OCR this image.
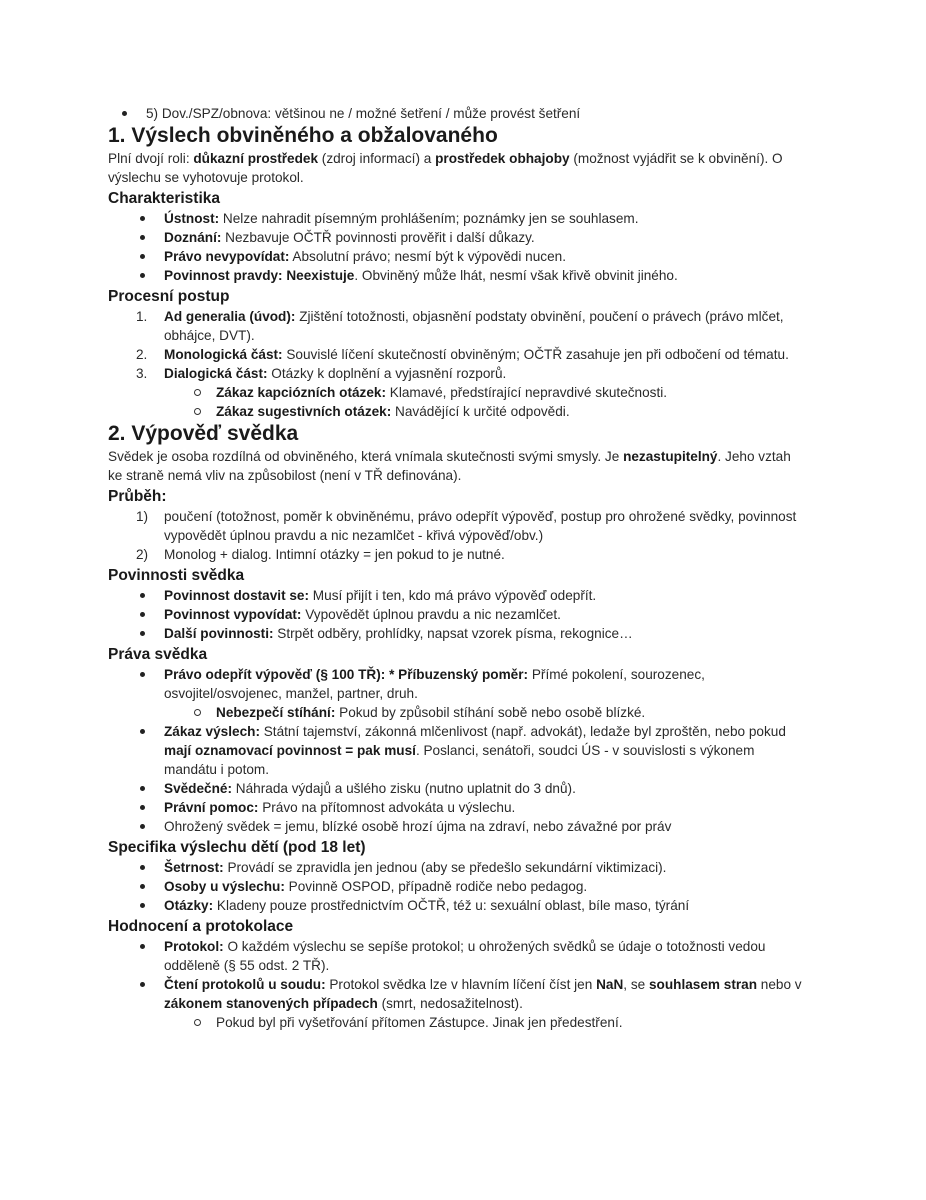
5) Dov./SPZ/obnova: většinou ne / možné šetření / může provést šetření
1. Výslech obviněného a obžalovaného

Plní dvojí roli: důkazní prostředek (zdroj informací) a prostředek obhajoby (možnost vyjádřit se k obvinění). O výslechu se vyhotovuje protokol.

Charakteristika
Ústnost: Nelze nahradit písemným prohlášením; poznámky jen se souhlasem.
Doznání: Nezbavuje OČTŘ povinnosti prověřit i další důkazy.
Právo nevypovídat: Absolutní právo; nesmí být k výpovědi nucen.
Povinnost pravdy: Neexistuje. Obviněný může lhát, nesmí však křivě obvinit jiného.
Procesní postup
1. Ad generalia (úvod): Zjištění totožnosti, objasnění podstaty obvinění, poučení o právech (právo mlčet, obhájce, DVT).
2. Monologická část: Souvislé líčení skutečností obviněným; OČTŘ zasahuje jen při odbočení od tématu.
3. Dialogická část: Otázky k doplnění a vyjasnění rozporů.
Zákaz kapciózních otázek: Klamavé, předstírající nepravdivé skutečnosti.
Zákaz sugestivních otázek: Navádějící k určité odpovědi.
2. Výpověď svědka

Svědek je osoba rozdílná od obviněného, která vnímala skutečnosti svými smysly. Je nezastupitelný. Jeho vztah ke straně nemá vliv na způsobilost (není v TŘ definována).

Průběh:
1) poučení (totožnost, poměr k obviněnému, právo odepřít výpověď, postup pro ohrožené svědky, povinnost vypovědět úplnou pravdu a nic nezamlčet - křivá výpověď/obv.)
2) Monolog + dialog. Intimní otázky = jen pokud to je nutné.
Povinnosti svědka
Povinnost dostavit se: Musí přijít i ten, kdo má právo výpověď odepřít.
Povinnost vypovídat: Vypovědět úplnou pravdu a nic nezamlčet.
Další povinnosti: Strpět odběry, prohlídky, napsat vzorek písma, rekognice…
Práva svědka
Právo odepřít výpověď (§ 100 TŘ): * Příbuzenský poměr: Přímé pokolení, sourozenec, osvojitel/osvojenec, manžel, partner, druh.
Nebezpečí stíhání: Pokud by způsobil stíhání sobě nebo osobě blízké.
Zákaz výslech: Státní tajemství, zákonná mlčenlivost (např. advokát), ledaže byl zproštěn, nebo pokud mají oznamovací povinnost = pak musí. Poslanci, senátoři, soudci ÚS - v souvislosti s výkonem mandátu i potom.
Svědečné: Náhrada výdajů a ušlého zisku (nutno uplatnit do 3 dnů).
Právní pomoc: Právo na přítomnost advokáta u výslechu.
Ohrožený svědek = jemu, blízké osobě hrozí újma na zdraví, nebo závažné por práv
Specifika výslechu dětí (pod 18 let)
Šetrnost: Provádí se zpravidla jen jednou (aby se předešlo sekundární viktimizaci).
Osoby u výslechu: Povinně OSPOD, případně rodiče nebo pedagog.
Otázky: Kladeny pouze prostřednictvím OČTŘ, též u: sexuální oblast, bíle maso, týrání
Hodnocení a protokolace
Protokol: O každém výslechu se sepíše protokol; u ohrožených svědků se údaje o totožnosti vedou odděleně (§ 55 odst. 2 TŘ).
Čtení protokolů u soudu: Protokol svědka lze v hlavním líčení číst jen NaN, se souhlasem stran nebo v zákonem stanovených případech (smrt, nedosažitelnost).
Pokud byl při vyšetřování přítomen Zástupce. Jinak jen předestření.
